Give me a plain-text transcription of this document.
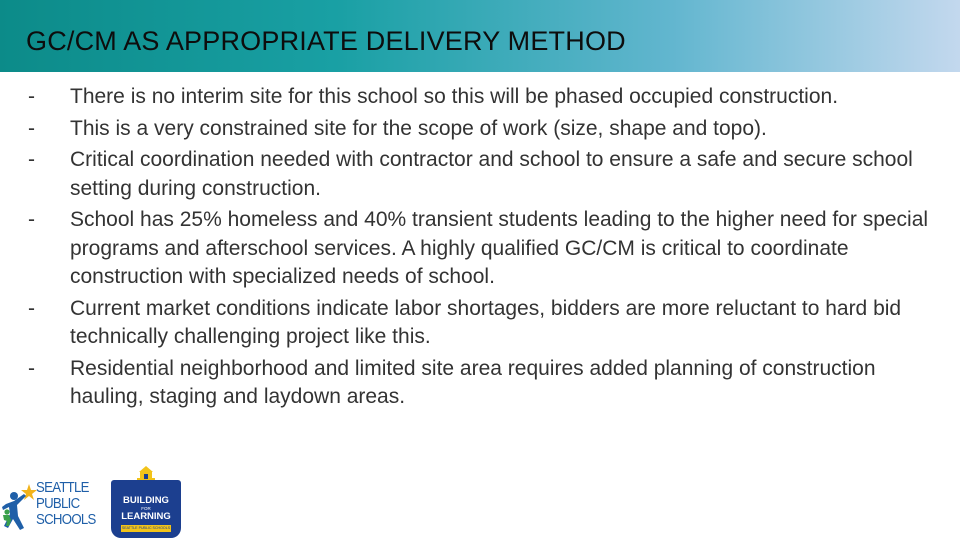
GC/CM AS APPROPRIATE DELIVERY METHOD
-	There is no interim site for this school so this will be phased occupied construction.
-	This is a very constrained site for the scope of work (size, shape and topo).
-	Critical coordination needed with contractor and school to ensure a safe and secure school setting during construction.
-	School has 25% homeless and 40% transient students leading to the higher need for special programs and afterschool services. A highly qualified GC/CM is critical to coordinate construction with specialized needs of school.
-	Current market conditions indicate labor shortages, bidders are more reluctant to hard bid technically challenging project like this.
-	Residential neighborhood and limited site area requires added planning of construction hauling, staging and laydown areas.
SEATTLE
PUBLIC
SCHOOLS
BUILDING
FOR
LEARNING
SEATTLE PUBLIC SCHOOLS
